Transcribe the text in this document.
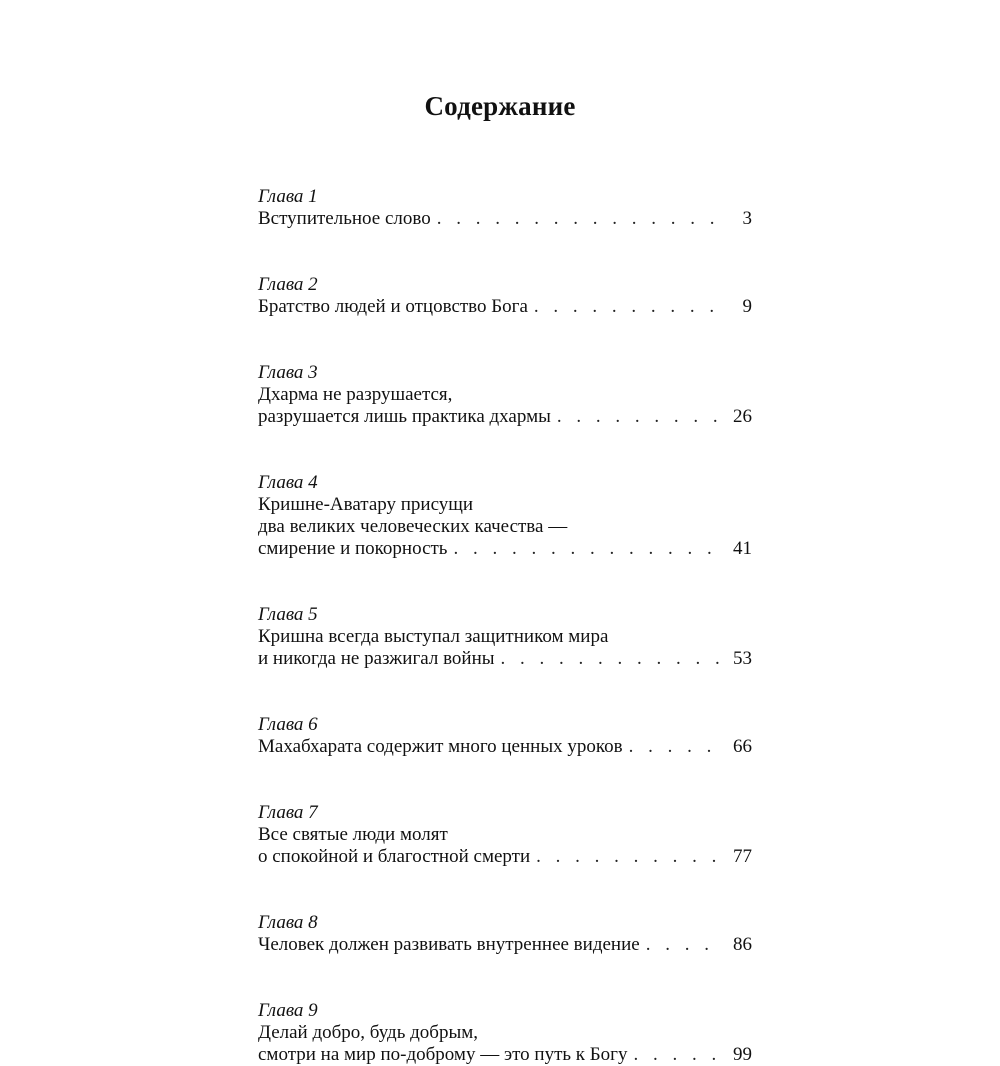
Содержание
Глава 1
Вступительное слово . . .	3
Глава 2
Братство людей и отцовство Бога . . .	9
Глава 3
Дхарма не разрушается,
разрушается лишь практика дхармы . . .	26
Глава 4
Кришне-Аватару присущи
два великих человеческих качества —
смирение и покорность . . .	41
Глава 5
Кришна всегда выступал защитником мира
и никогда не разжигал войны . . .	53
Глава 6
Махабхарата содержит много ценных уроков . . .	66
Глава 7
Все святые люди молят
о спокойной и благостной смерти . . .	77
Глава 8
Человек должен развивать внутреннее видение . . .	86
Глава 9
Делай добро, будь добрым,
смотри на мир по-доброму — это путь к Богу . . .	99
